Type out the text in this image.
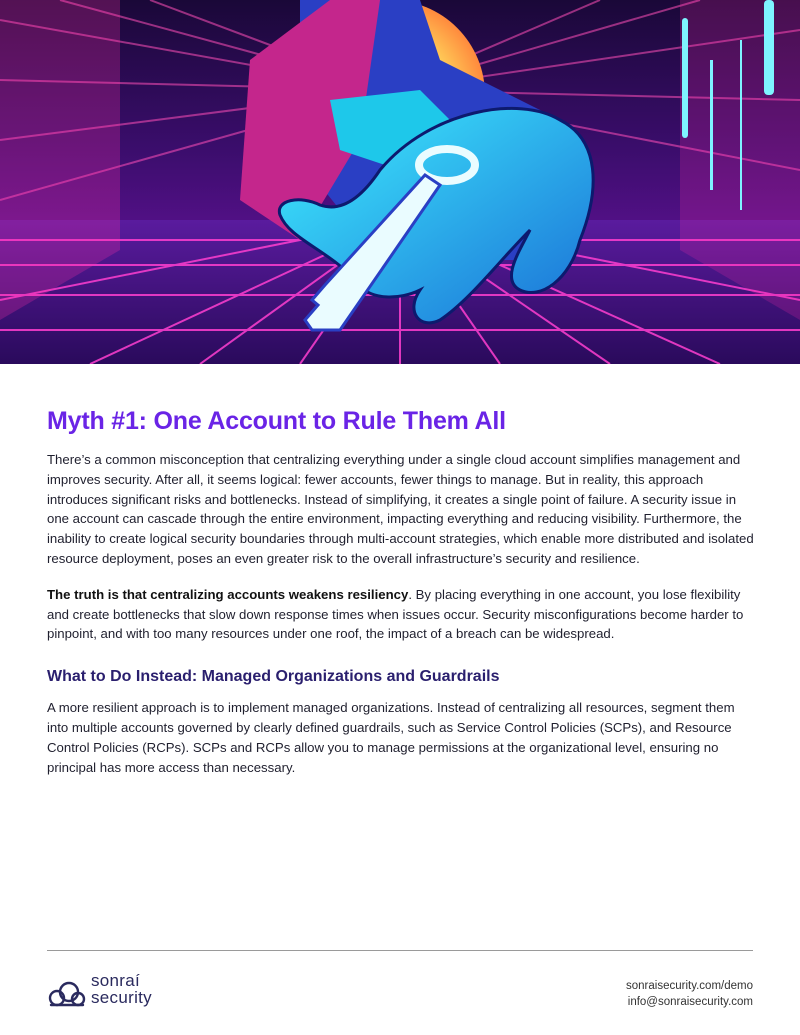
Myth #1: One Account to Rule Them All

There’s a common misconception that centralizing everything under a single cloud account simplifies management and improves security. After all, it seems logical: fewer accounts, fewer things to manage. But in reality, this approach introduces significant risks and bottlenecks. Instead of simplifying, it creates a single point of failure. A security issue in one account can cascade through the entire environment, impacting everything and reducing visibility. Furthermore, the inability to create logical security boundaries through multi-account strategies, which enable more distributed and isolated resource deployment, poses an even greater risk to the overall infrastructure’s security and resilience.

The truth is that centralizing accounts weakens resiliency. By placing everything in one account, you lose flexibility and create bottlenecks that slow down response times when issues occur. Security misconfigurations become harder to pinpoint, and with too many resources under one roof, the impact of a breach can be widespread.

What to Do Instead: Managed Organizations and Guardrails

A more resilient approach is to implement managed organizations. Instead of centralizing all resources, segment them into multiple accounts governed by clearly defined guardrails, such as Service Control Policies (SCPs), and Resource Control Policies (RCPs). SCPs and RCPs allow you to manage permissions at the organizational level, ensuring no principal has more access than necessary.

sonraí
security
sonraisecurity.com/demo
info@sonraisecurity.com
